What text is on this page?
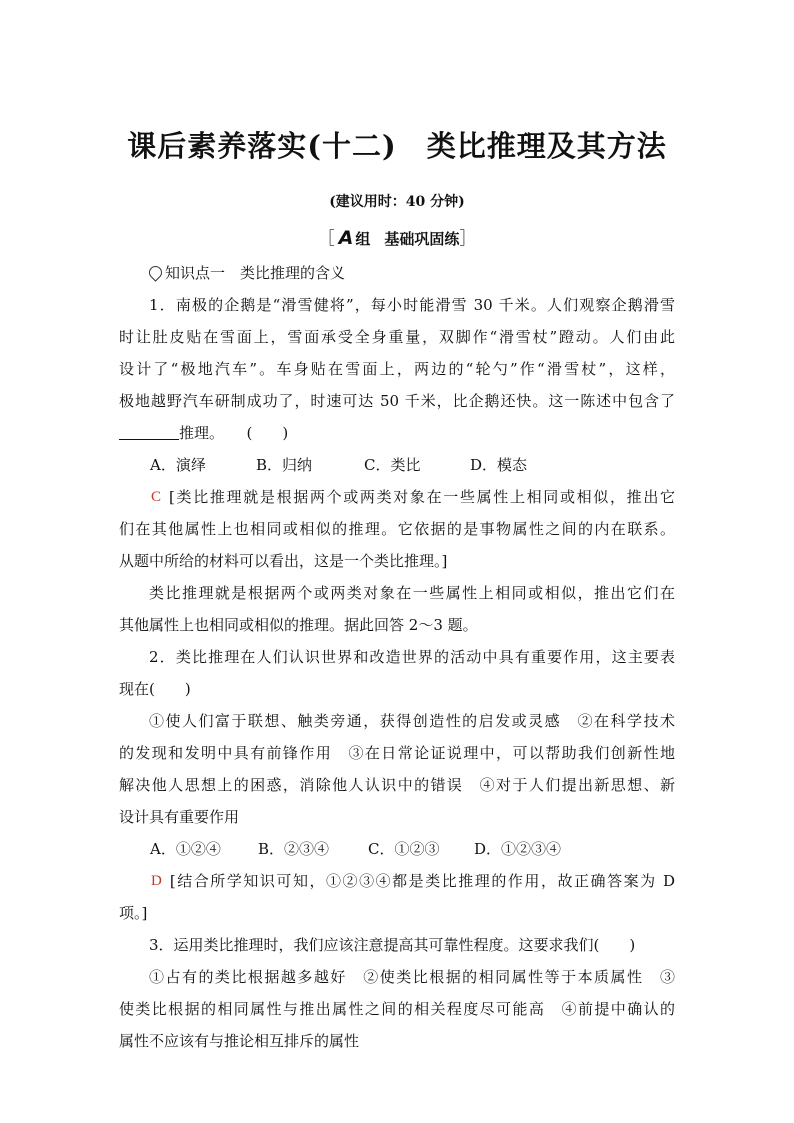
课后素养落实(十二)　类比推理及其方法
(建议用时：40 分钟)
［ A 组 基础巩固练］
知识点一　类比推理的含义
1．南极的企鹅是“滑雪健将”，每小时能滑雪 30 千米。人们观察企鹅滑雪
时让肚皮贴在雪面上，雪面承受全身重量，双脚作“滑雪杖”蹬动。人们由此
设计了“极地汽车”。车身贴在雪面上，两边的“轮勺”作“滑雪杖”，这样，
极地越野汽车研制成功了，时速可达 50 千米，比企鹅还快。这一陈述中包含了
推理。　　(　　)
A．演绎	B．归纳	C．类比	D．模态
C [类比推理就是根据两个或两类对象在一些属性上相同或相似，推出它
们在其他属性上也相同或相似的推理。它依据的是事物属性之间的内在联系。
从题中所给的材料可以看出，这是一个类比推理。]
类比推理就是根据两个或两类对象在一些属性上相同或相似，推出它们在
其他属性上也相同或相似的推理。据此回答 2～3 题。
2．类比推理在人们认识世界和改造世界的活动中具有重要作用，这主要表
现在(　　)
①使人们富于联想、触类旁通，获得创造性的启发或灵感　②在科学技术
的发现和发明中具有前锋作用　③在日常论证说理中，可以帮助我们创新性地
解决他人思想上的困惑，消除他人认识中的错误　④对于人们提出新思想、新
设计具有重要作用
A．①②④ B．②③④	C．①②③ D．①②③④
D [结合所学知识可知，①②③④都是类比推理的作用，故正确答案为 D
项。]
3．运用类比推理时，我们应该注意提高其可靠性程度。这要求我们(　　)
①占有的类比根据越多越好　②使类比根据的相同属性等于本质属性　③
使类比根据的相同属性与推出属性之间的相关程度尽可能高　④前提中确认的
属性不应该有与推论相互排斥的属性
